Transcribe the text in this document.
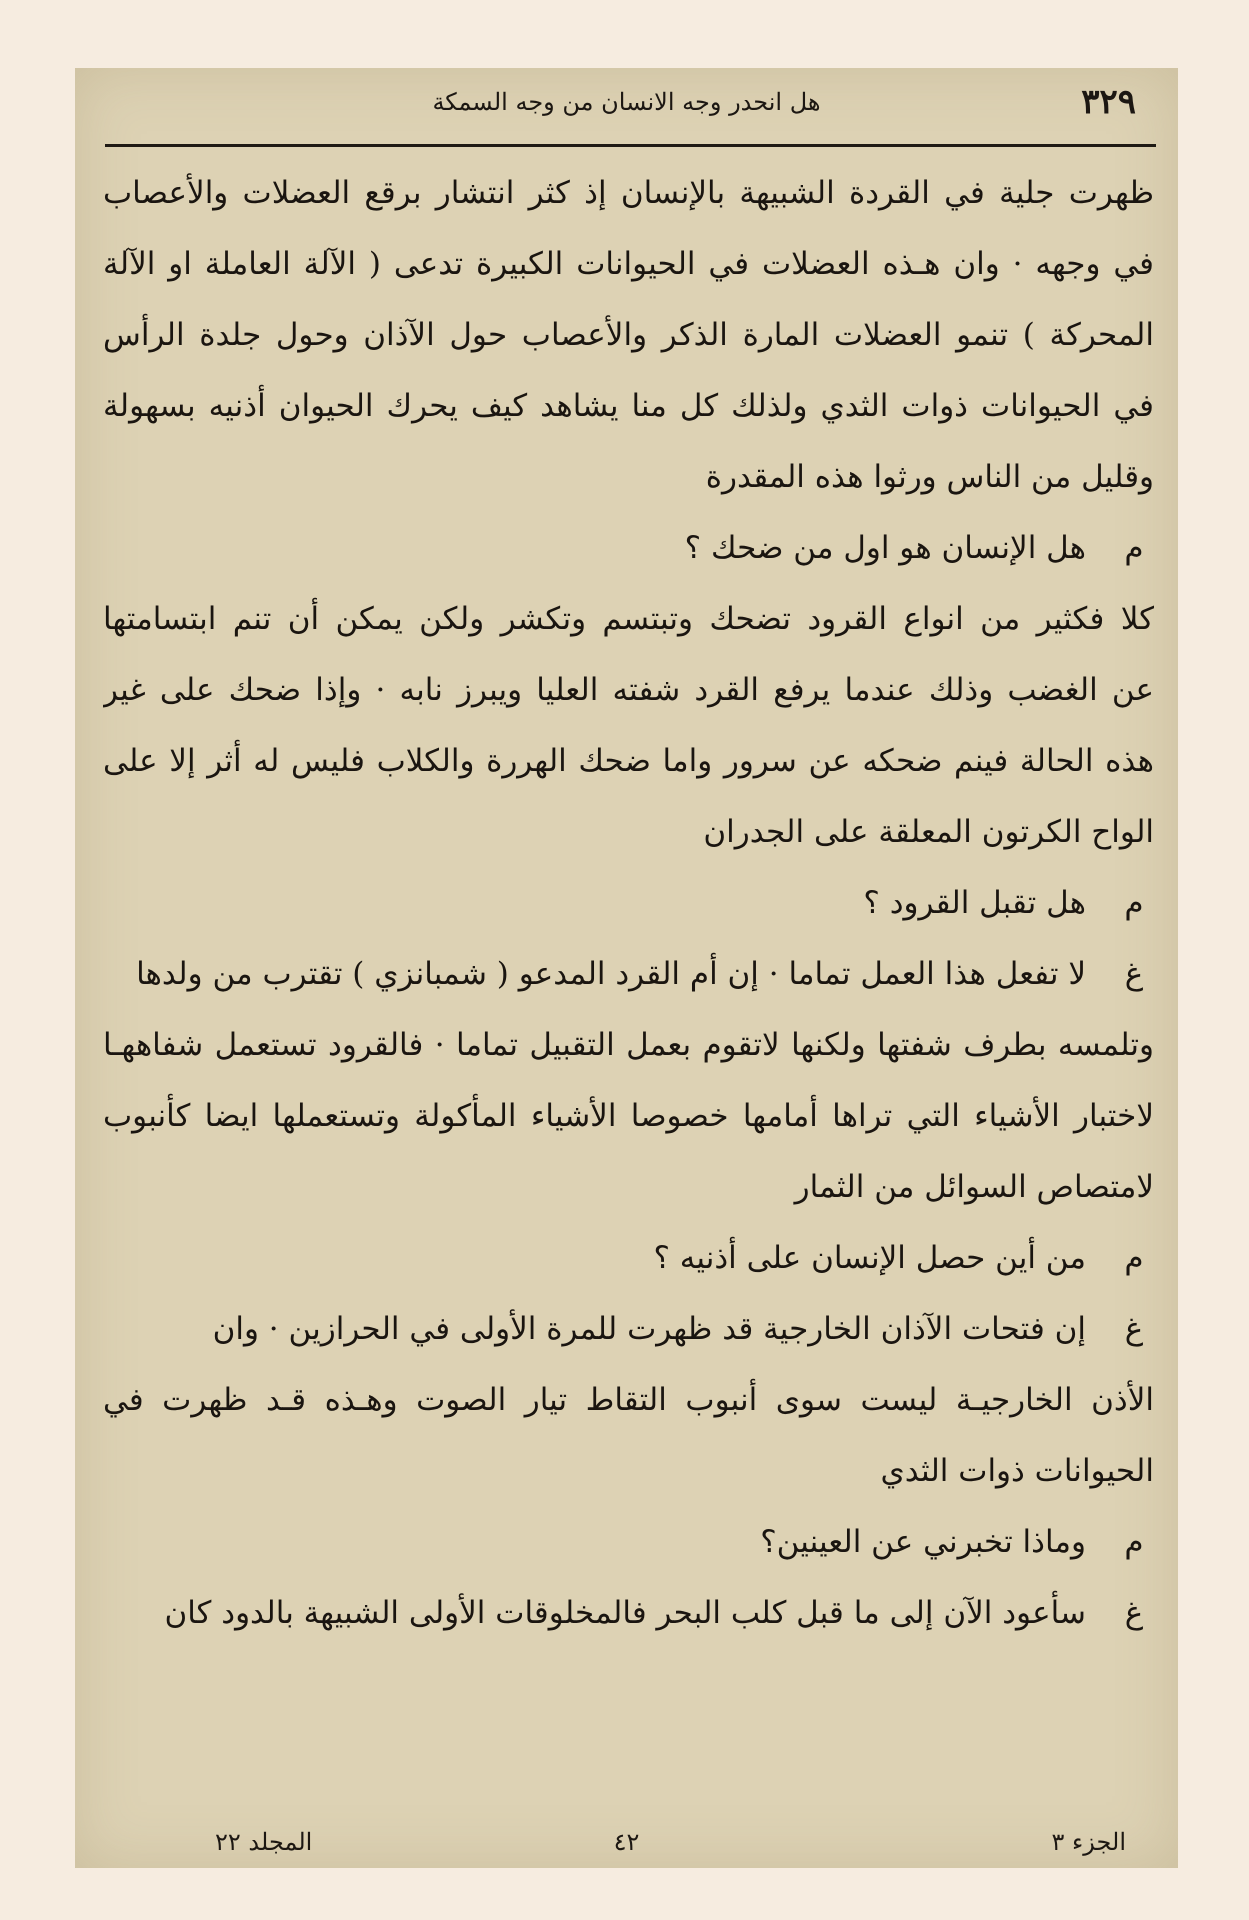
٣٢٩
هل انحدر وجه الانسان من وجه السمكة
ظهرت جلية في القردة الشبيهة بالإنسان إذ كثر انتشار برقع العضلات والأعصاب
في وجهه · وان هـذه العضلات في الحيوانات الكبيرة تدعى ( الآلة العاملة او الآلة
المحركة ) تنمو العضلات المارة الذكر والأعصاب حول الآذان وحول جلدة الرأس
في الحيوانات ذوات الثدي ولذلك كل منا يشاهد كيف يحرك الحيوان أذنيه بسهولة
وقليل من الناس ورثوا هذه المقدرة
مهل الإنسان هو اول من ضحك ؟
كلا فكثير من انواع القرود تضحك وتبتسم وتكشر ولكن يمكن أن تنم ابتسامتها
عن الغضب وذلك عندما يرفع القرد شفته العليا ويبرز نابه · وإذا ضحك على غير
هذه الحالة فينم ضحكه عن سرور واما ضحك الهررة والكلاب فليس له أثر إلا على
الواح الكرتون المعلقة على الجدران
مهل تقبل القرود ؟
غلا تفعل هذا العمل تماما · إن أم القرد المدعو ( شمبانزي ) تقترب من ولدها
وتلمسه بطرف شفتها ولكنها لاتقوم بعمل التقبيل تماما · فالقرود تستعمل شفاههـا
لاختبار الأشياء التي تراها أمامها خصوصا الأشياء المأكولة وتستعملها ايضا كأنبوب
لامتصاص السوائل من الثمار
ممن أين حصل الإنسان على أذنيه ؟
غإن فتحات الآذان الخارجية قد ظهرت للمرة الأولى في الحرازين · وان
الأذن الخارجيـة ليست سوى أنبوب التقاط تيار الصوت وهـذه قـد ظهرت في
الحيوانات ذوات الثدي
موماذا تخبرني عن العينين؟
غسأعود الآن إلى ما قبل كلب البحر فالمخلوقات الأولى الشبيهة بالدود كان
الجزء ٣
٤٢
المجلد ٢٢
